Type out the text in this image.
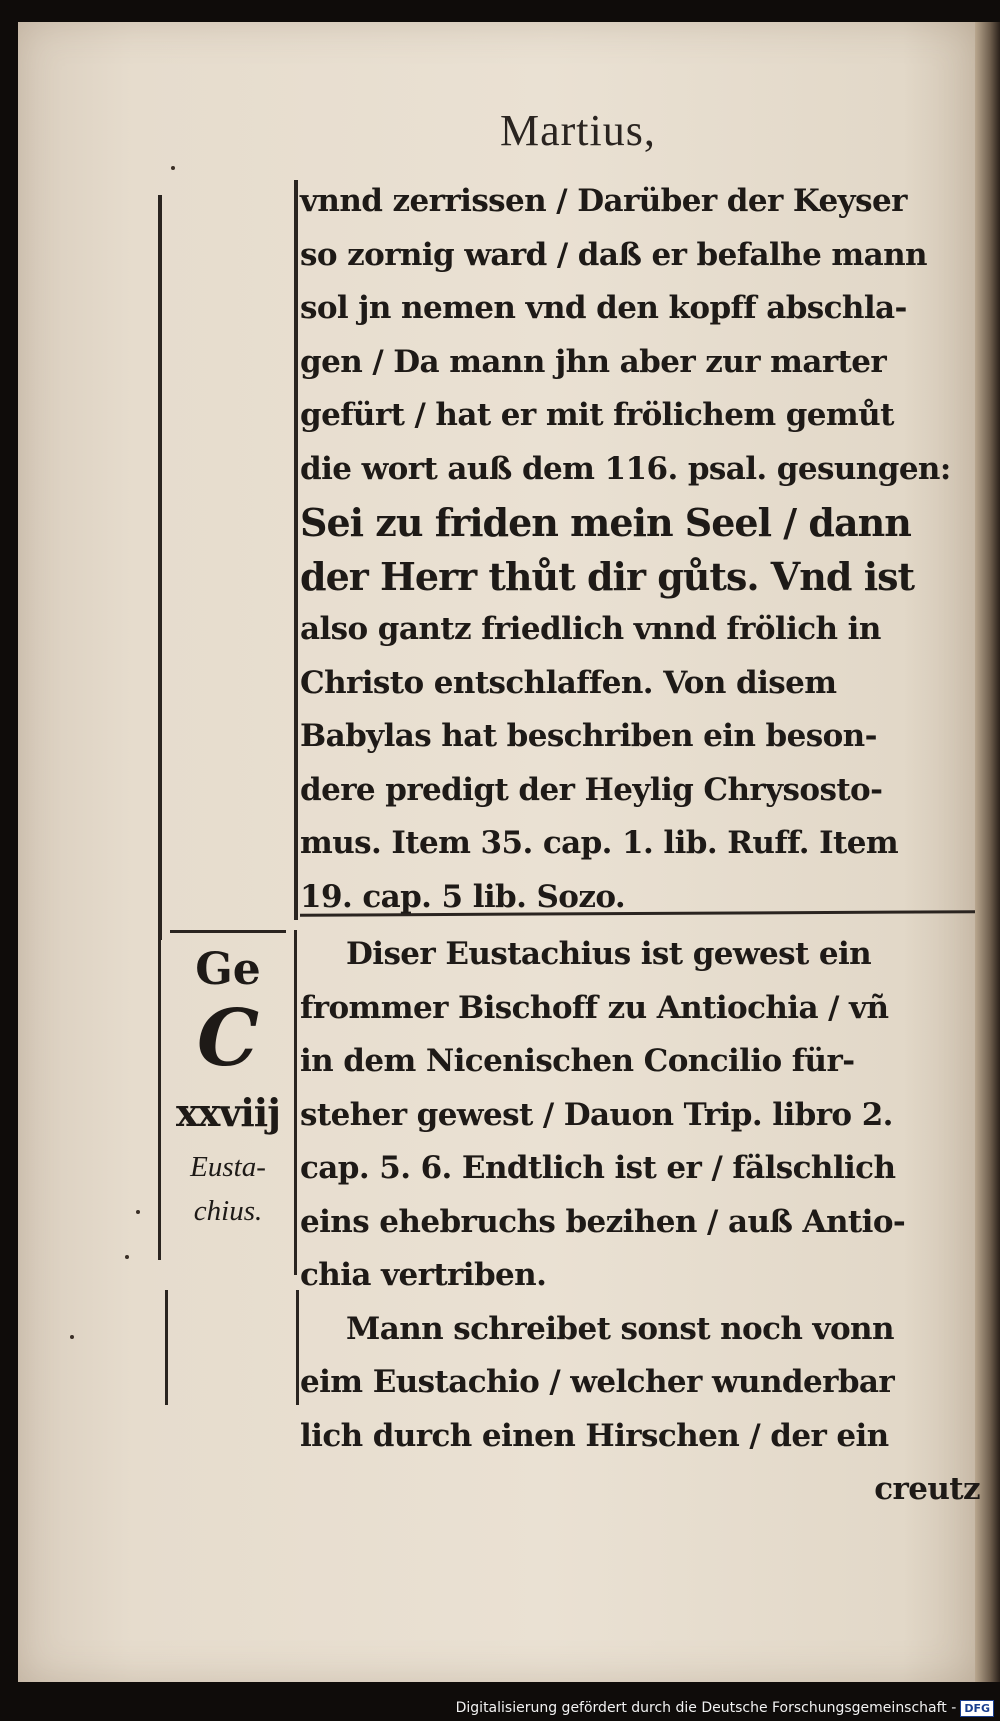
Martius,
vnnd zerrissen / Darüber der Keyser
so zornig ward / daß er befalhe mann
sol jn nemen vnd den kopff abschla-
gen / Da mann jhn aber zur marter
gefürt / hat er mit frölichem gemůt
die wort auß dem 116. psal. gesungen:
Sei zu friden mein Seel / dann
der Herr thůt dir gůts. Vnd ist
also gantz friedlich vnnd frölich in
Christo entschlaffen. Von disem
Babylas hat beschriben ein beson-
dere predigt der Heylig Chrysosto-
mus. Item 35. cap. 1. lib. Ruff. Item
19. cap. 5 lib. Sozo.
Diser Eustachius ist gewest ein
frommer Bischoff zu Antiochia / vñ
in dem Nicenischen Concilio für-
steher gewest / Dauon Trip. libro 2.
cap. 5. 6. Endtlich ist er / fälschlich
eins ehebruchs bezihen / auß Antio-
chia vertriben.
Mann schreibet sonst noch vonn
eim Eustachio / welcher wunderbar
lich durch einen Hirschen / der ein
creutz
Ge
C
xxviij
Eusta-
chius.
Digitalisierung gefördert durch die Deutsche Forschungsgemeinschaft - DFG
